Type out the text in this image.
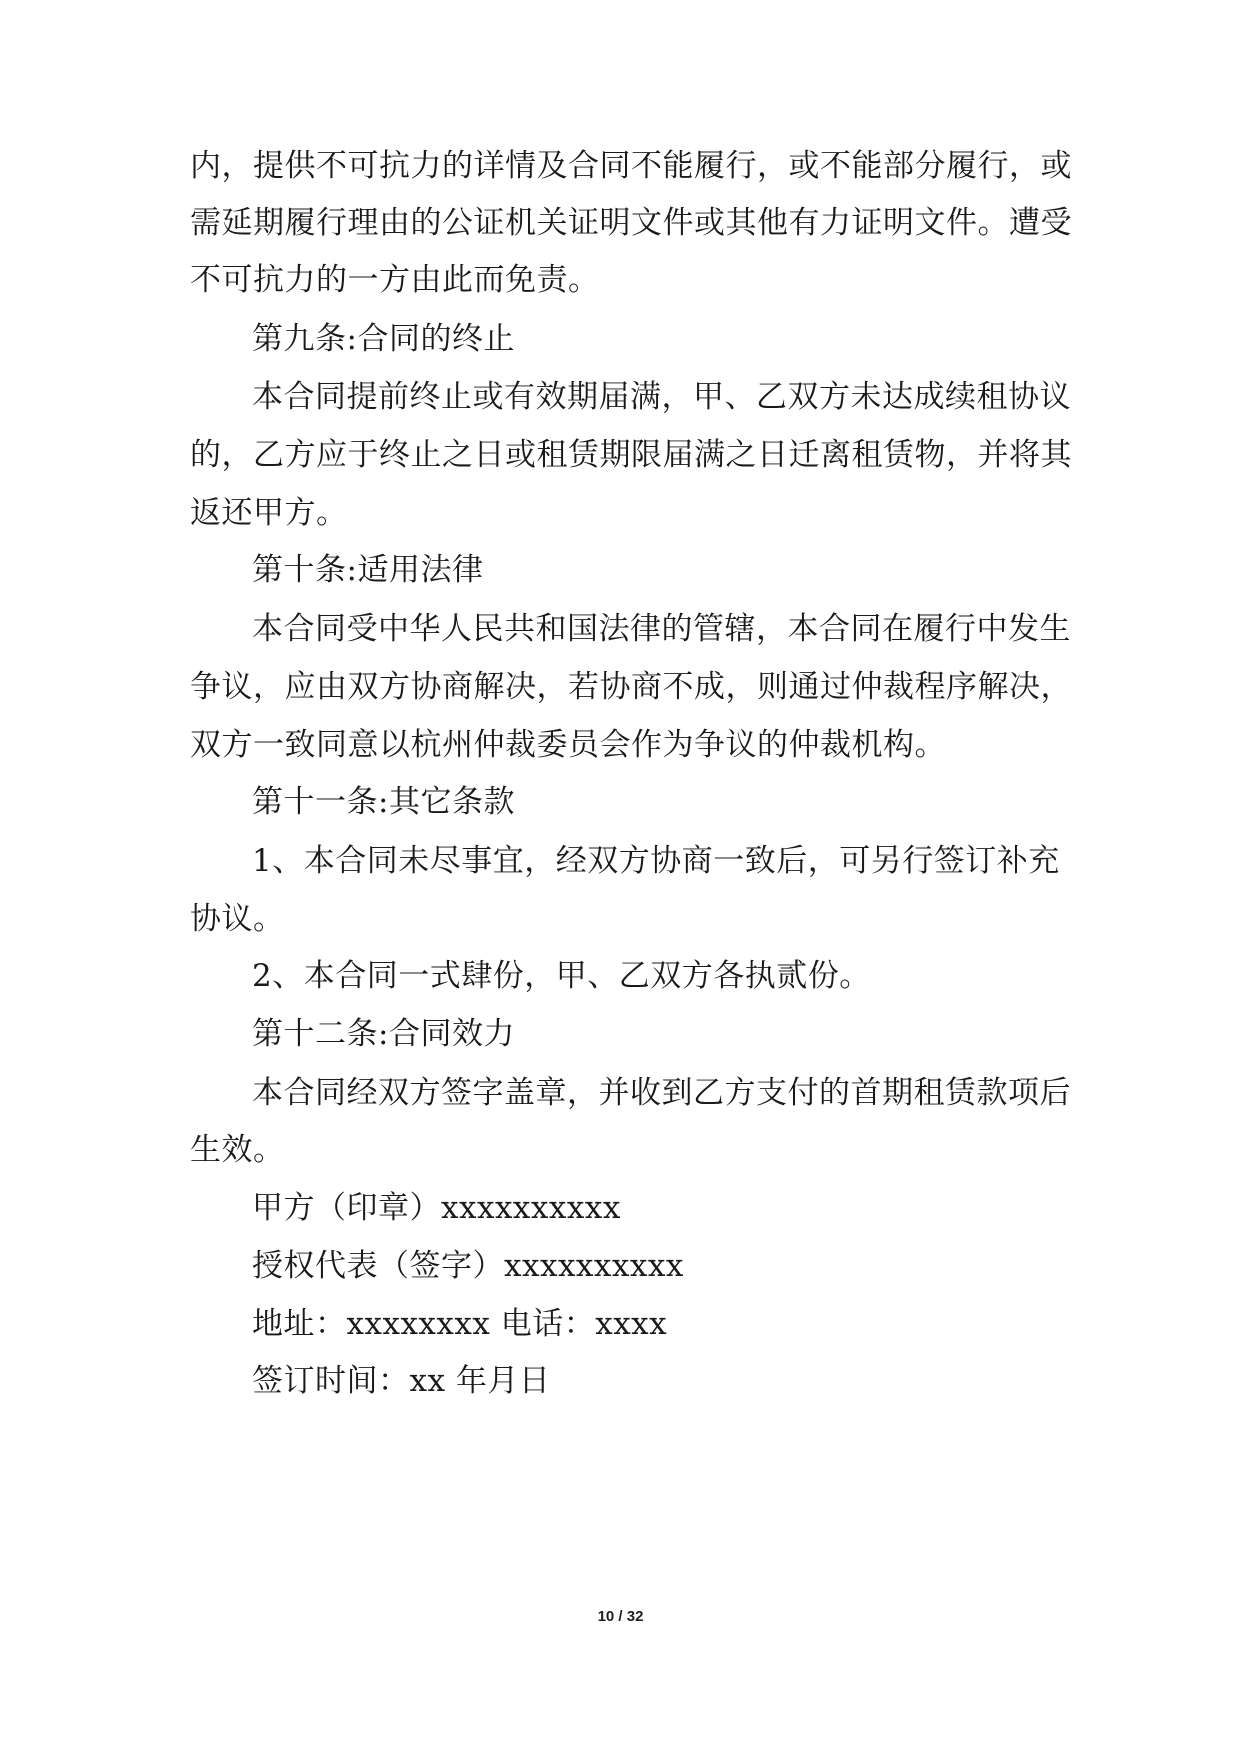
内，提供不可抗力的详情及合同不能履行，或不能部分履行，或
需延期履行理由的公证机关证明文件或其他有力证明文件。遭受
不可抗力的一方由此而免责。
第九条:合同的终止
本合同提前终止或有效期届满，甲、乙双方未达成续租协议
的，乙方应于终止之日或租赁期限届满之日迁离租赁物，并将其
返还甲方。
第十条:适用法律
本合同受中华人民共和国法律的管辖，本合同在履行中发生
争议，应由双方协商解决，若协商不成，则通过仲裁程序解决，
双方一致同意以杭州仲裁委员会作为争议的仲裁机构。
第十一条:其它条款
1、本合同未尽事宜，经双方协商一致后，可另行签订补充
协议。
2、本合同一式肆份，甲、乙双方各执贰份。
第十二条:合同效力
本合同经双方签字盖章，并收到乙方支付的首期租赁款项后
生效。
甲方（印章）xxxxxxxxxx
授权代表（签字）xxxxxxxxxx
地址：xxxxxxxx 电话：xxxx
签订时间：xx 年月日
10 / 32
